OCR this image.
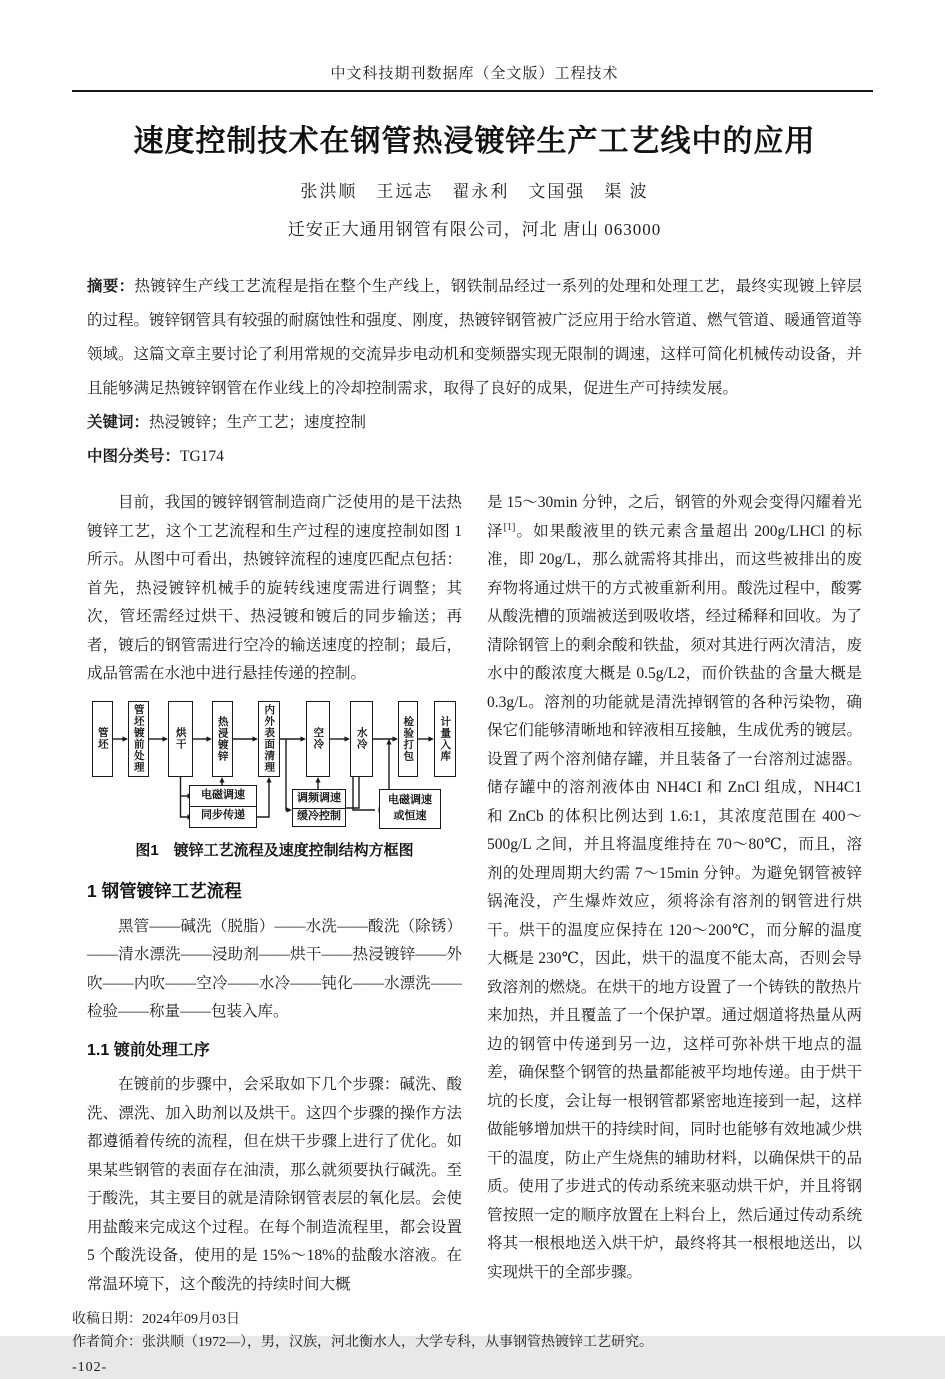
中文科技期刊数据库（全文版）工程技术
速度控制技术在钢管热浸镀锌生产工艺线中的应用
张洪顺　王远志　翟永利　文国强　渠 波
迁安正大通用钢管有限公司，河北 唐山 063000

摘要：热镀锌生产线工艺流程是指在整个生产线上，钢铁制品经过一系列的处理和处理工艺，最终实现镀上锌层的过程。镀锌钢管具有较强的耐腐蚀性和强度、刚度，热镀锌钢管被广泛应用于给水管道、燃气管道、暖通管道等领域。这篇文章主要讨论了利用常规的交流异步电动机和变频器实现无限制的调速，这样可简化机械传动设备，并且能够满足热镀锌钢管在作业线上的冷却控制需求，取得了良好的成果，促进生产可持续发展。

关键词：热浸镀锌；生产工艺；速度控制

中图分类号：TG174

目前，我国的镀锌钢管制造商广泛使用的是干法热镀锌工艺，这个工艺流程和生产过程的速度控制如图 1 所示。从图中可看出，热镀锌流程的速度匹配点包括：首先，热浸镀锌机械手的旋转线速度需进行调整；其次，管坯需经过烘干、热浸镀和镀后的同步输送；再者，镀后的钢管需进行空冷的输送速度的控制；最后，成品管需在水池中进行悬挂传递的控制。

管坯	管坯镀前处理	烘干	热浸镀锌	内外表面清理	空冷	水冷	检验打包	计量入库
电磁调速
同步传递
调频调速
缓冷控制
电磁调速
或恒速
图1　镀锌工艺流程及速度控制结构方框图
1 钢管镀锌工艺流程

黑管——碱洗（脱脂）——水洗——酸洗（除锈）——清水漂洗——浸助剂——烘干——热浸镀锌——外吹——内吹——空冷——水冷——钝化——水漂洗——检验——称量——包装入库。

1.1 镀前处理工序

在镀前的步骤中，会采取如下几个步骤：碱洗、酸洗、漂洗、加入助剂以及烘干。这四个步骤的操作方法都遵循着传统的流程，但在烘干步骤上进行了优化。如果某些钢管的表面存在油渍，那么就须要执行碱洗。至于酸洗，其主要目的就是清除钢管表层的氧化层。会使用盐酸来完成这个过程。在每个制造流程里，都会设置 5 个酸洗设备，使用的是 15%～18%的盐酸水溶液。在常温环境下，这个酸洗的持续时间大概

是 15～30min 分钟，之后，钢管的外观会变得闪耀着光泽[1]。如果酸液里的铁元素含量超出 200g/LHCl 的标准，即 20g/L，那么就需将其排出，而这些被排出的废弃物将通过烘干的方式被重新利用。酸洗过程中，酸雾从酸洗槽的顶端被送到吸收塔，经过稀释和回收。为了清除钢管上的剩余酸和铁盐，须对其进行两次清洁，废水中的酸浓度大概是 0.5g/L2，而价铁盐的含量大概是 0.3g/L。溶剂的功能就是清洗掉钢管的各种污染物，确保它们能够清晰地和锌液相互接触，生成优秀的镀层。设置了两个溶剂储存罐，并且装备了一台溶剂过滤器。储存罐中的溶剂液体由 NH4CI 和 ZnCl 组成，NH4C1 和 ZnCb 的体积比例达到 1.6:1，其浓度范围在 400～500g/L 之间，并且将温度维持在 70～80℃，而且，溶剂的处理周期大约需 7～15min 分钟。为避免钢管被锌锅淹没，产生爆炸效应，须将涂有溶剂的钢管进行烘干。烘干的温度应保持在 120～200℃，而分解的温度大概是 230℃，因此，烘干的温度不能太高，否则会导致溶剂的燃烧。在烘干的地方设置了一个铸铁的散热片来加热，并且覆盖了一个保护罩。通过烟道将热量从两边的钢管中传递到另一边，这样可弥补烘干地点的温差，确保整个钢管的热量都能被平均地传递。由于烘干坑的长度，会让每一根钢管都紧密地连接到一起，这样做能够增加烘干的持续时间，同时也能够有效地减少烘干的温度，防止产生烧焦的辅助材料，以确保烘干的品质。使用了步进式的传动系统来驱动烘干炉，并且将钢管按照一定的顺序放置在上料台上，然后通过传动系统将其一根根地送入烘干炉，最终将其一根根地送出，以实现烘干的全部步骤。

收稿日期：2024年09月03日
作者简介：张洪顺（1972—），男，汉族，河北衡水人，大学专科，从事钢管热镀锌工艺研究。
-102-
